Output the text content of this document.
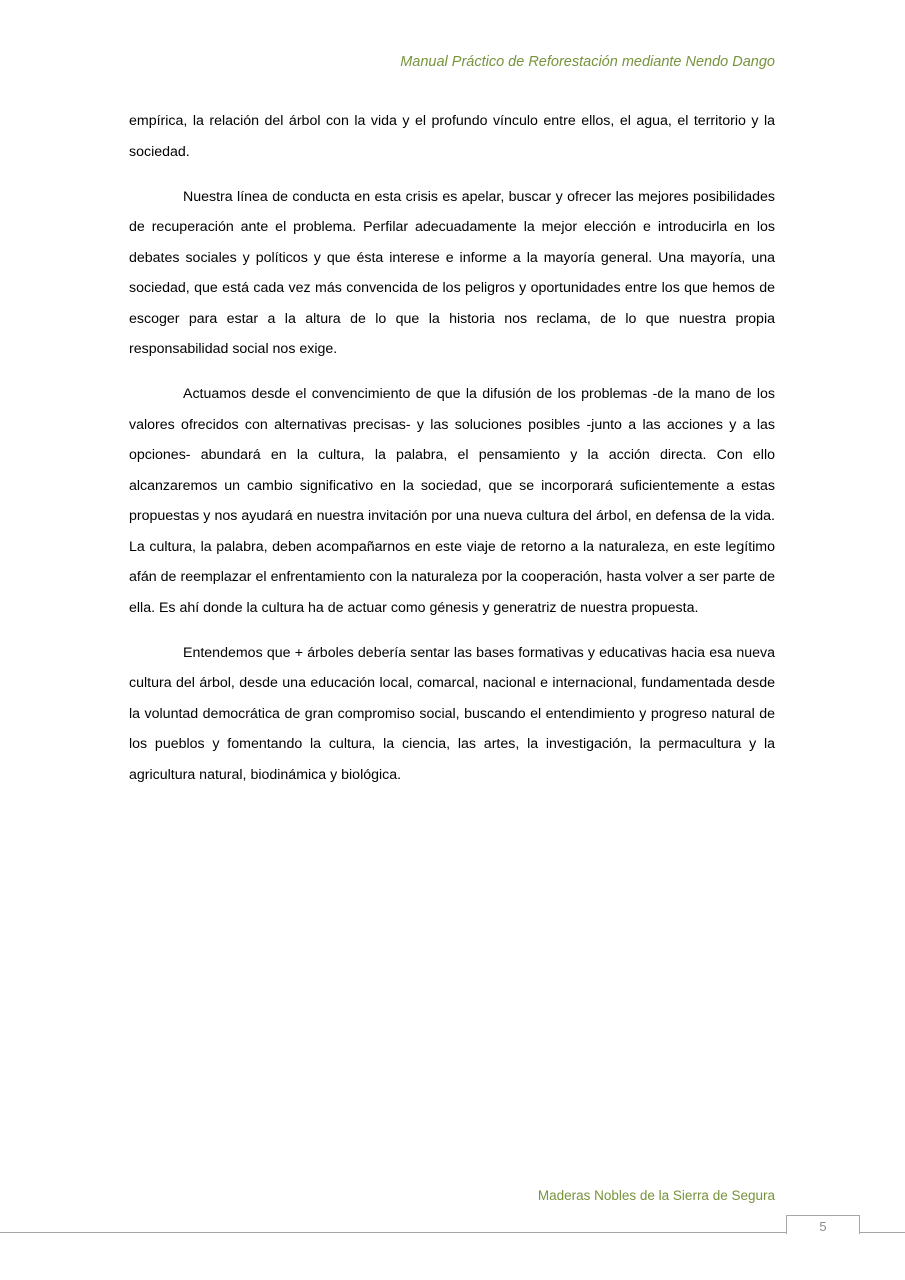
Manual Práctico de Reforestación mediante Nendo Dango

empírica, la relación del árbol con la vida y el profundo vínculo entre ellos, el agua, el territorio y la sociedad.

Nuestra línea de conducta en esta crisis es apelar, buscar y ofrecer las mejores posibilidades de recuperación ante el problema. Perfilar adecuadamente la mejor elección e introducirla en los debates sociales y políticos y que ésta interese e informe a la mayoría general. Una mayoría, una sociedad, que está cada vez más convencida de los peligros y oportunidades entre los que hemos de escoger para estar a la altura de lo que la historia nos reclama, de lo que nuestra propia responsabilidad social nos exige.

Actuamos desde el convencimiento de que la difusión de los problemas -de la mano de los valores ofrecidos con alternativas precisas- y las soluciones posibles -junto a las acciones y a las opciones- abundará en la cultura, la palabra, el pensamiento y la acción directa. Con ello alcanzaremos un cambio significativo en la sociedad, que se incorporará suficientemente a estas propuestas y nos ayudará en nuestra invitación por una nueva cultura del árbol, en defensa de la vida. La cultura, la palabra, deben acompañarnos en este viaje de retorno a la naturaleza, en este legítimo afán de reemplazar el enfrentamiento con la naturaleza por la cooperación, hasta volver a ser parte de ella. Es ahí donde la cultura ha de actuar como génesis y generatriz de nuestra propuesta.

Entendemos que + árboles debería sentar las bases formativas y educativas hacia esa nueva cultura del árbol, desde una educación local, comarcal, nacional e internacional, fundamentada desde la voluntad democrática de gran compromiso social, buscando el entendimiento y progreso natural de los pueblos y fomentando la cultura, la ciencia, las artes, la investigación, la permacultura y la agricultura natural, biodinámica y biológica.

Maderas Nobles de la Sierra de Segura
5
